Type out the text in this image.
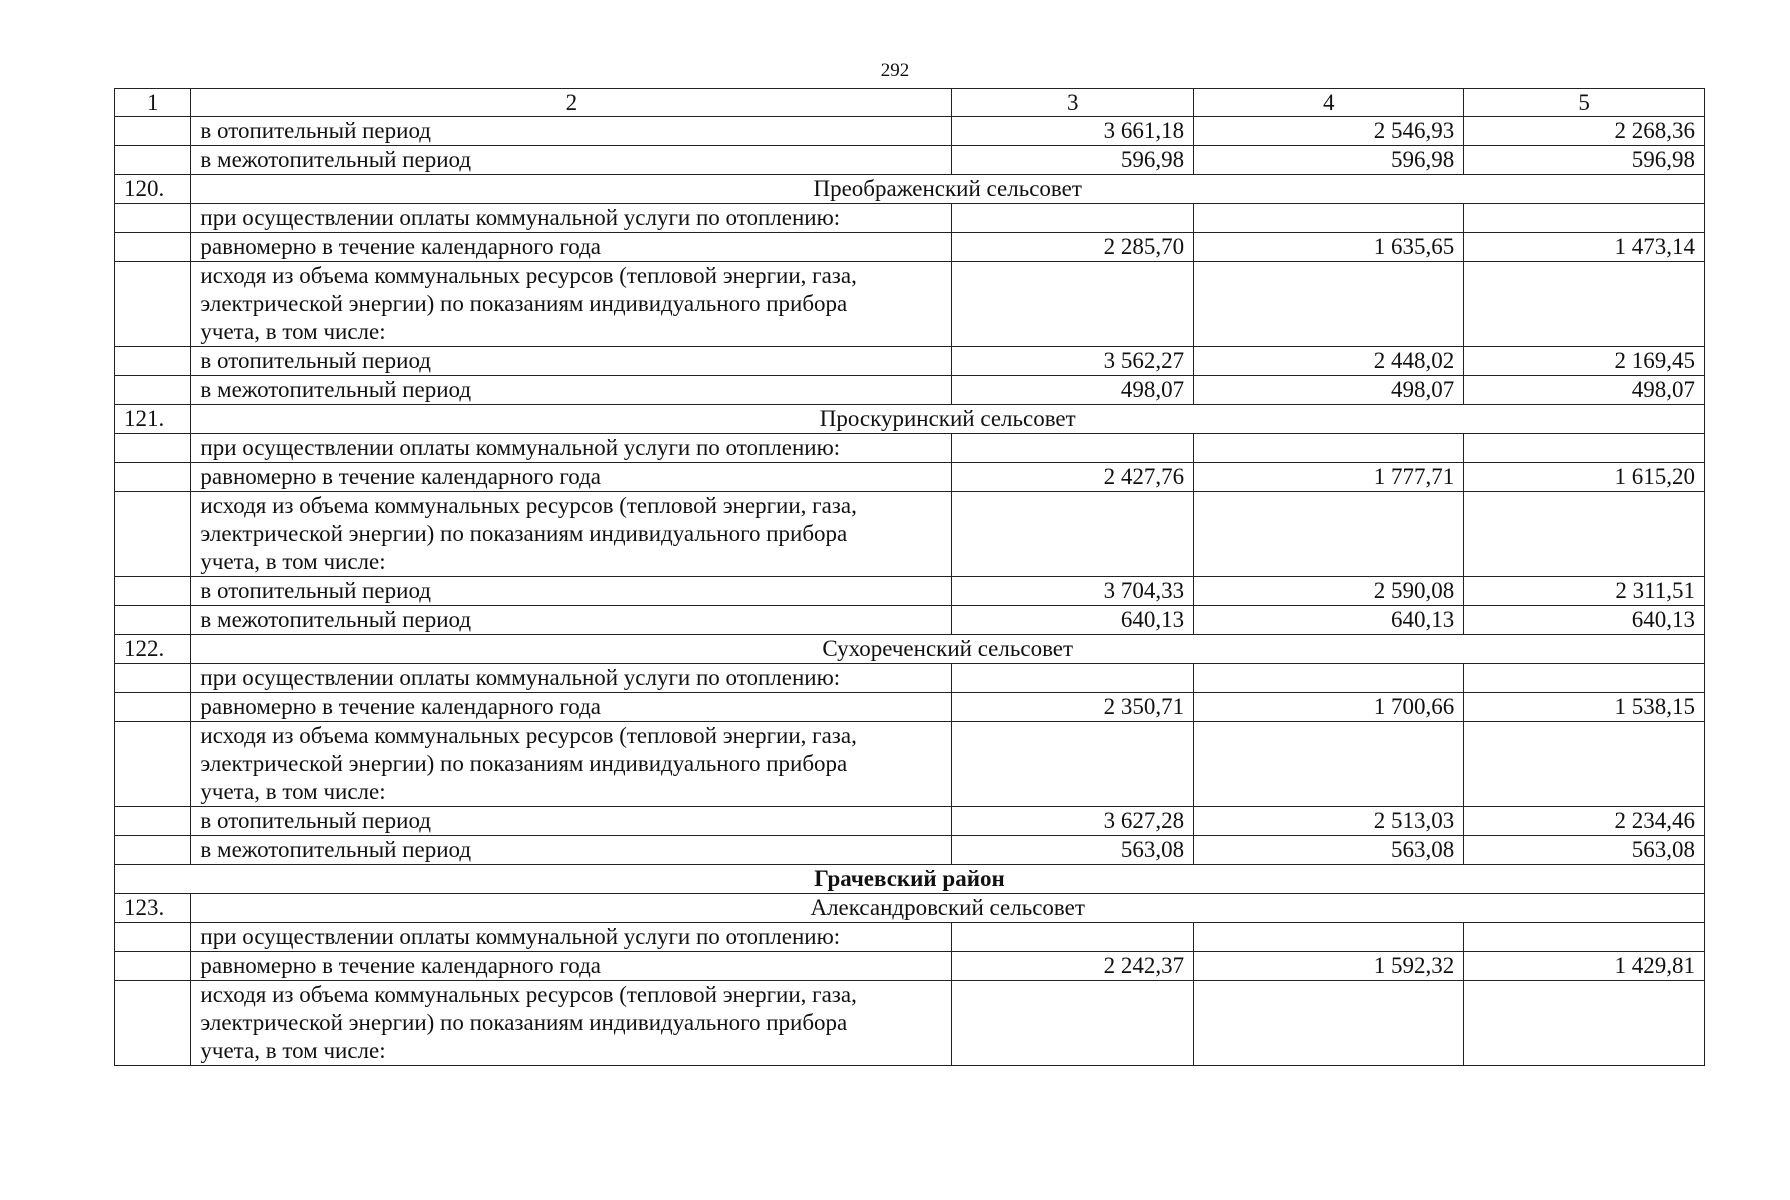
292
1	2	3	4	5
	в отопительный период	3 661,18	2 546,93	2 268,36
	в межотопительный период	596,98	596,98	596,98
120.	Преображенский сельсовет			
	при осуществлении оплаты коммунальной услуги по отоплению:			
	равномерно в течение календарного года	2 285,70	1 635,65	1 473,14

	исходя из объема коммунальных ресурсов (тепловой энергии, газа,
электрической энергии) по показаниям индивидуального прибора
учета, в том числе:			

	в отопительный период	3 562,27	2 448,02	2 169,45
	в межотопительный период	498,07	498,07	498,07
121.	Проскуринский сельсовет			
	при осуществлении оплаты коммунальной услуги по отоплению:			
	равномерно в течение календарного года	2 427,76	1 777,71	1 615,20

	исходя из объема коммунальных ресурсов (тепловой энергии, газа,
электрической энергии) по показаниям индивидуального прибора
учета, в том числе:			

	в отопительный период	3 704,33	2 590,08	2 311,51
	в межотопительный период	640,13	640,13	640,13
122.	Сухореченский сельсовет			
	при осуществлении оплаты коммунальной услуги по отоплению:			
	равномерно в течение календарного года	2 350,71	1 700,66	1 538,15

	исходя из объема коммунальных ресурсов (тепловой энергии, газа,
электрической энергии) по показаниям индивидуального прибора
учета, в том числе:			

	в отопительный период	3 627,28	2 513,03	2 234,46
	в межотопительный период	563,08	563,08	563,08
Грачевский район				
123.	Александровский сельсовет			
	при осуществлении оплаты коммунальной услуги по отоплению:			
	равномерно в течение календарного года	2 242,37	1 592,32	1 429,81

	исходя из объема коммунальных ресурсов (тепловой энергии, газа,
электрической энергии) по показаниям индивидуального прибора
учета, в том числе:			
